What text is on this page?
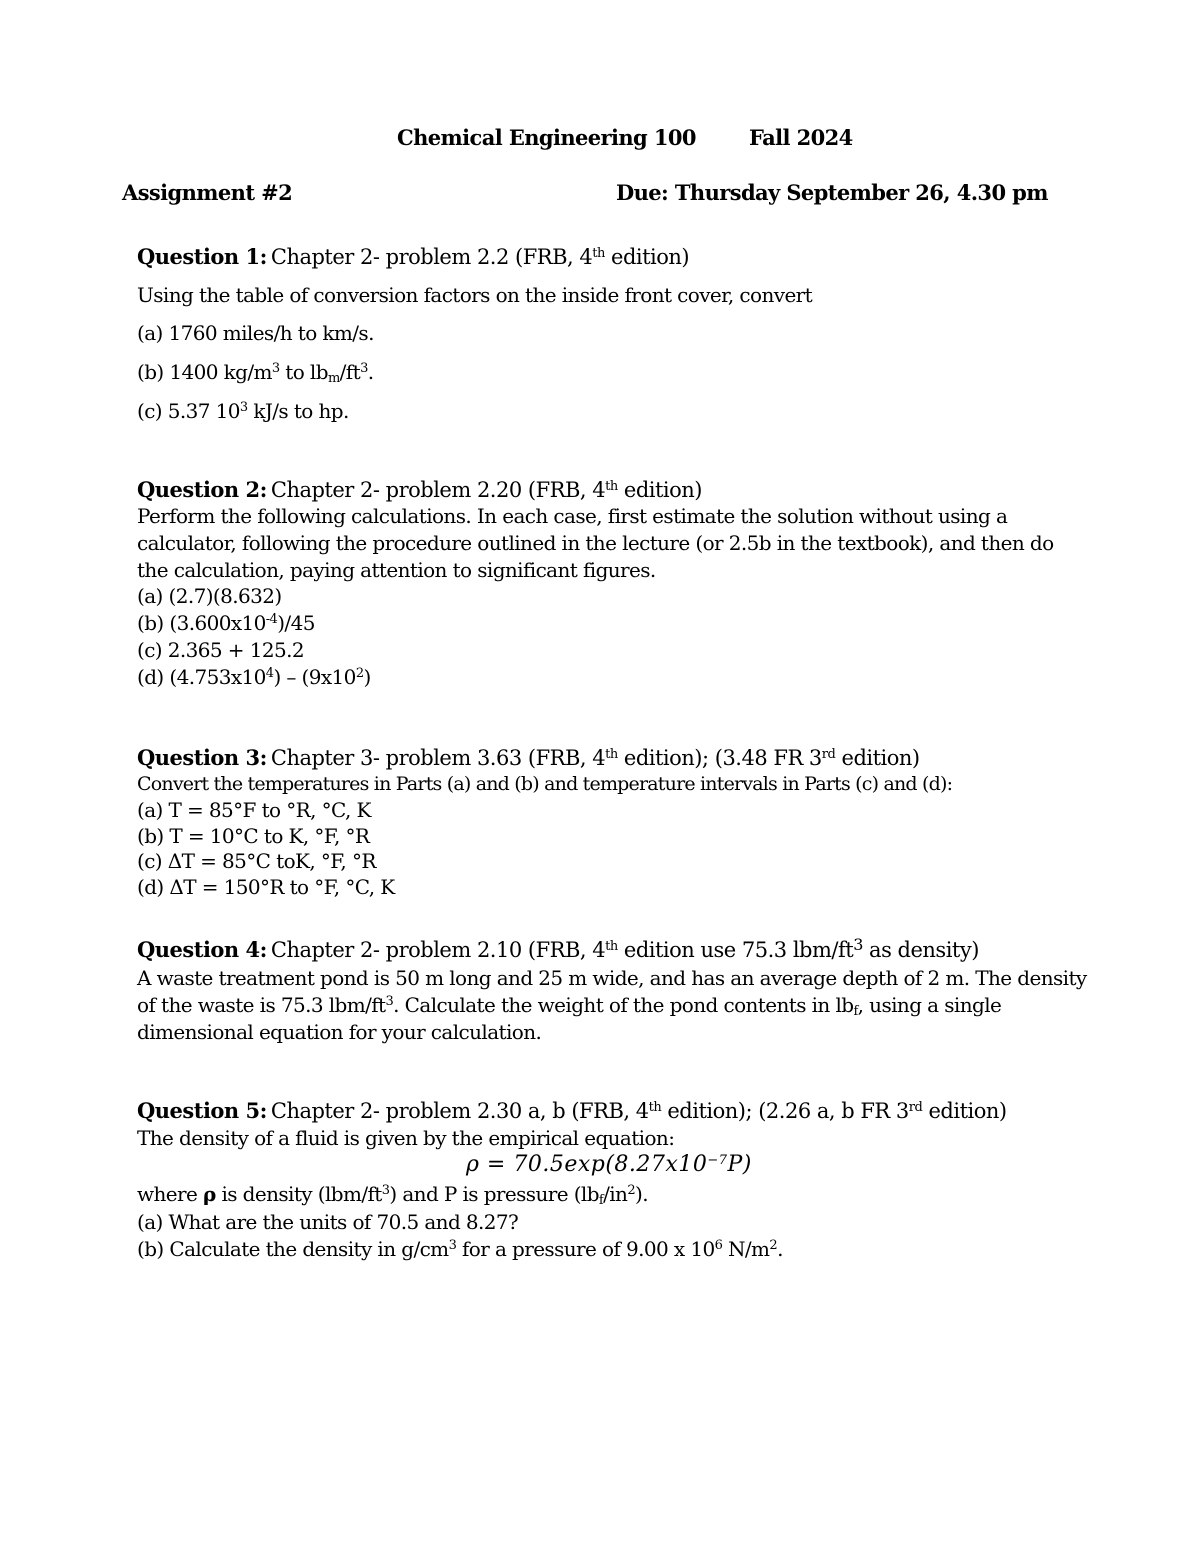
Chemical Engineering 100	Fall 2024
Assignment #2	Due: Thursday September 26, 4.30 pm
Question 1: Chapter 2- problem 2.2 (FRB, 4th edition)
Using the table of conversion factors on the inside front cover, convert
(a) 1760 miles/h to km/s.
(b) 1400 $kg/m^3$ to $lb_m/ft^3$.
(c) 5.37 $10^3$ kJ/s to hp.
Question 2: Chapter 2- problem 2.20 (FRB, 4th edition)
Perform the following calculations. In each case, first estimate the solution without using a
calculator, following the procedure outlined in the lecture (or 2.5b in the textbook), and then do
the calculation, paying attention to significant figures.
(a) (2.7)(8.632)
(b) $(3.600x10^{-4})/45$
(c) 2.365 + 125.2
(d) $(4.753x10^4) - (9x10^2)$
Question 3: Chapter 3- problem 3.63 (FRB, 4th edition); (3.48 FR 3rd edition)
Convert the temperatures in Parts (a) and (b) and temperature intervals in Parts (c) and (d):
(a) T = 85°F to °R, °C, K
(b) T = 10°C to K, °F, °R
(c) ΔT = 85°C toK, °F, °R
(d) ΔT = 150°R to °F, °C, K
Question 4: Chapter 2- problem 2.10 (FRB, 4th edition use 75.3 lbm/$ft^3$ as density)
A waste treatment pond is 50 m long and 25 m wide, and has an average depth of 2 m. The density
of the waste is 75.3 lbm/$ft^3$. Calculate the weight of the pond contents in $lb_f$, using a single
dimensional equation for your calculation.
Question 5: Chapter 2- problem 2.30 a, b (FRB, 4th edition); (2.26 a, b FR 3rd edition)
The density of a fluid is given by the empirical equation:
$\rho = 70.5\exp(8.27x10^{-7}P)$
where ρ is density $(lbm/ft^3)$ and P is pressure $(lb_f/in^2)$.
(a) What are the units of 70.5 and 8.27?
(b) Calculate the density in $g/cm^3$ for a pressure of 9.00 x $10^6$ $N/m^2$.
